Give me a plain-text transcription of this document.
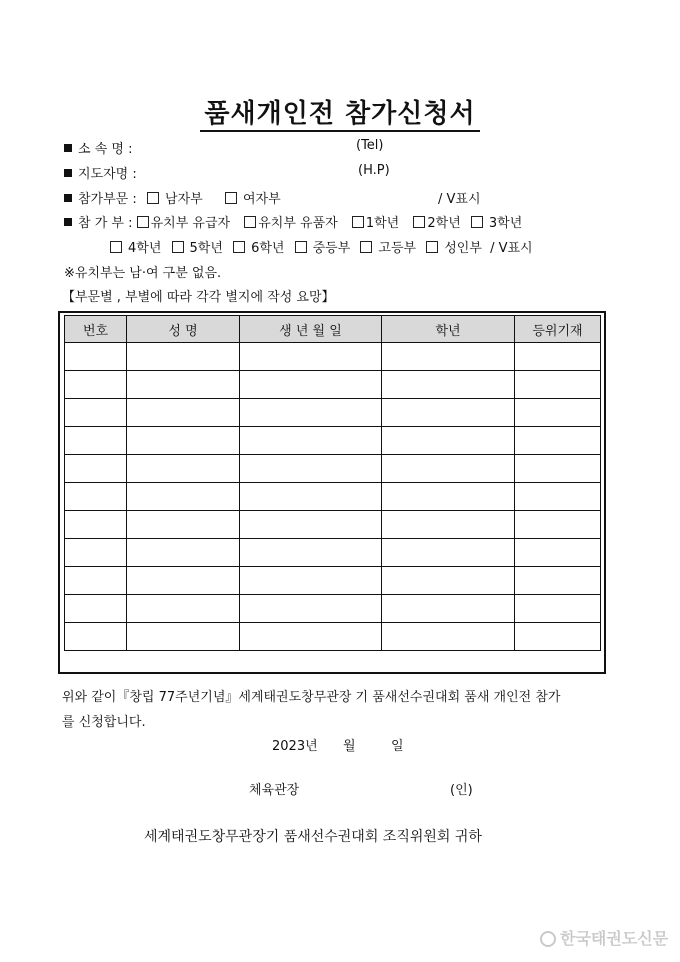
품새개인전 참가신청서
소 속 명 :	(Tel)
지도자명 :	(H.P)
참가부문 : 남자부	여자부	/ V표시
참 가 부 : 유치부 유급자 유치부 유품자 1학년 2학년 3학년
4학년 5학년 6학년 중등부 고등부 성인부 / V표시
※유치부는 남·여 구분 없음.
【부문별 , 부별에 따라 각각 별지에 작성 요망】
번호	성 명	생 년 월 일	학년	등위기재

위와 같이『창립 77주년기념』세계태권도창무관장 기 품새선수권대회 품새 개인전 참가
를 신청합니다.
2023년 월	일
체육관장	(인)
세계태권도창무관장기 품새선수권대회 조직위원회 귀하
한국태권도신문
